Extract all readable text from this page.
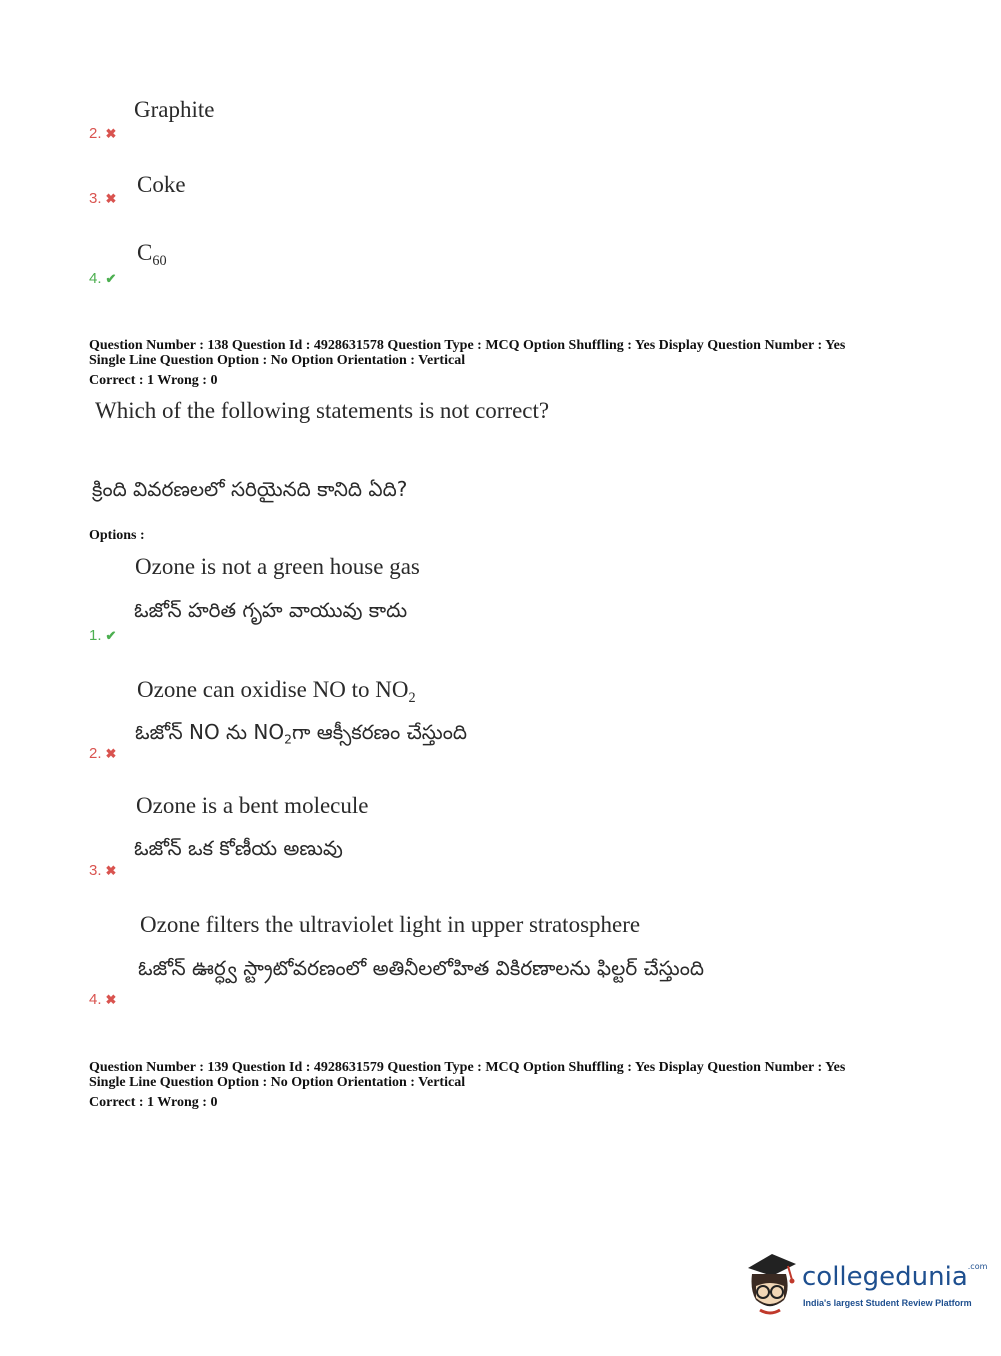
Graphite
2. ✖
Coke
3. ✖
$C_{60}$
4. ✔
Question Number : 138 Question Id : 4928631578 Question Type : MCQ Option Shuffling : Yes Display Question Number : Yes
Single Line Question Option : No Option Orientation : Vertical
Correct : 1 Wrong : 0
Which of the following statements is not correct?
క్రింది వివరణలలో సరియైనది కానిది ఏది?
Options :
Ozone is not a green house gas
ఓజోన్ హరిత గృహ వాయువు కాదు
1. ✔
Ozone can oxidise NO to $NO_2$
ఓజోన్ NO ను $NO_2గా$ ఆక్సీకరణం చేస్తుంది
2. ✖
Ozone is a bent molecule
ఓజోన్ ఒక కోణీయ అణువు
3. ✖
Ozone filters the ultraviolet light in upper stratosphere
ఓజోన్ ఊర్ధ్వ స్ట్రాటోవరణంలో అతినీలలోహిత వికిరణాలను ఫిల్టర్ చేస్తుంది
4. ✖
Question Number : 139 Question Id : 4928631579 Question Type : MCQ Option Shuffling : Yes Display Question Number : Yes
Single Line Question Option : No Option Orientation : Vertical
Correct : 1 Wrong : 0
collegedunia$^{.com}$
India's largest Student Review Platform
